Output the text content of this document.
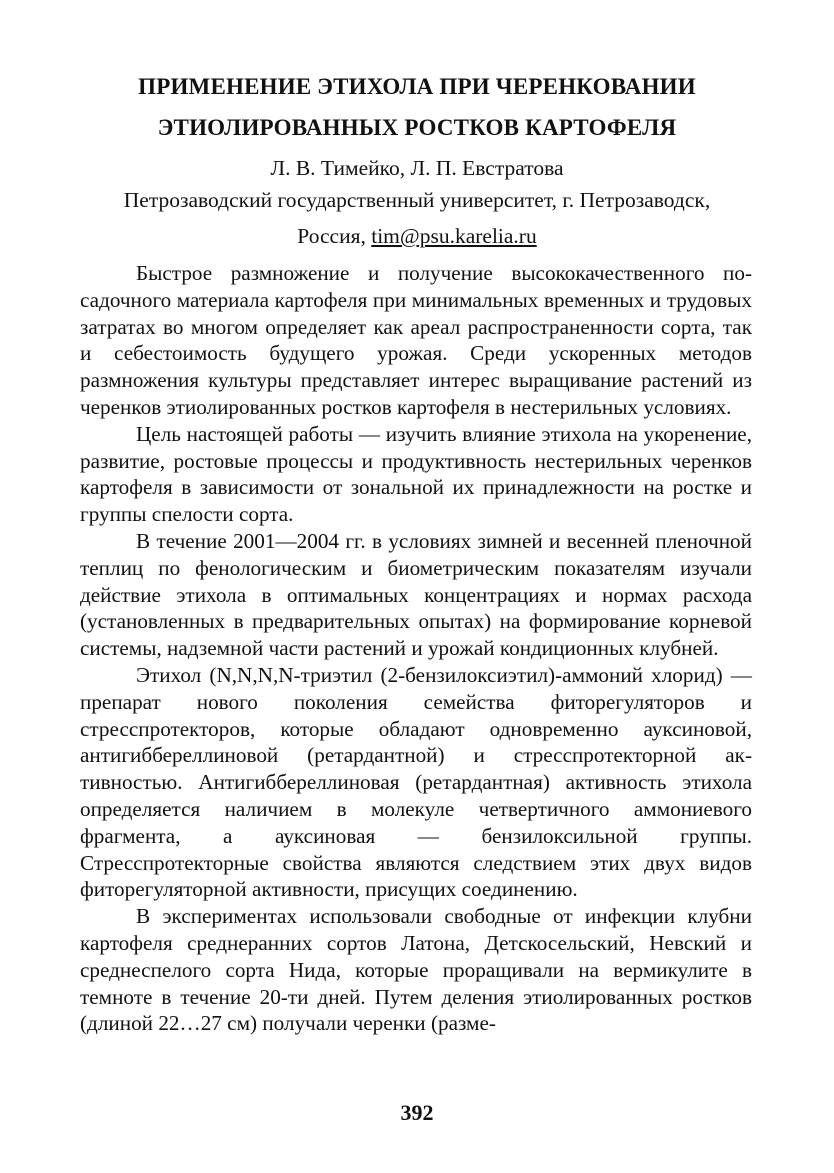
ПРИМЕНЕНИЕ ЭТИХОЛА ПРИ ЧЕРЕНКОВАНИИ
ЭТИОЛИРОВАННЫХ РОСТКОВ КАРТОФЕЛЯ
Л. В. Тимейко, Л. П. Евстратова
Петрозаводский государственный университет, г. Петрозаводск,
Россия, tim@psu.karelia.ru

Быстрое размножение и получение высококачественного посадочного материала картофеля при минимальных временных и трудовых затратах во многом определяет как ареал распространенности сорта, так и себестоимость будущего урожая. Среди ускоренных методов размножения культуры представляет интерес выращивание растений из черенков этиолированных ростков картофеля в нестерильных условиях.

Цель настоящей работы — изучить влияние этихола на укоренение, развитие, ростовые процессы и продуктивность нестерильных черенков картофеля в зависимости от зональной их принадлежности на ростке и группы спелости сорта.

В течение 2001—2004 гг. в условиях зимней и весенней пленочной теплиц по фенологическим и биометрическим показателям изучали действие этихола в оптимальных концентрациях и нормах расхода (установленных в предварительных опытах) на формирование корневой системы, надземной части растений и урожай кондиционных клубней.

Этихол (N,N,N,N-триэтил (2-бензилоксиэтил)-аммоний хлорид) — препарат нового поколения семейства фиторегуляторов и стресспротекторов, которые обладают одновременно ауксиновой, антигиббереллиновой (ретардантной) и стресспротекторной активностью. Антигиббереллиновая (ретардантная) активность этихола определяется наличием в молекуле четвертичного аммониевого фрагмента, а ауксиновая — бензилоксильной группы. Стресспротекторные свойства являются следствием этих двух видов фиторегуляторной активности, присущих соединению.

В экспериментах использовали свободные от инфекции клубни картофеля среднеранних сортов Латона, Детскосельский, Невский и среднеспелого сорта Нида, которые проращивали на вермикулите в темноте в течение 20-ти дней. Путем деления этиолированных ростков (длиной 22…27 см) получали черенки (разме-

392
